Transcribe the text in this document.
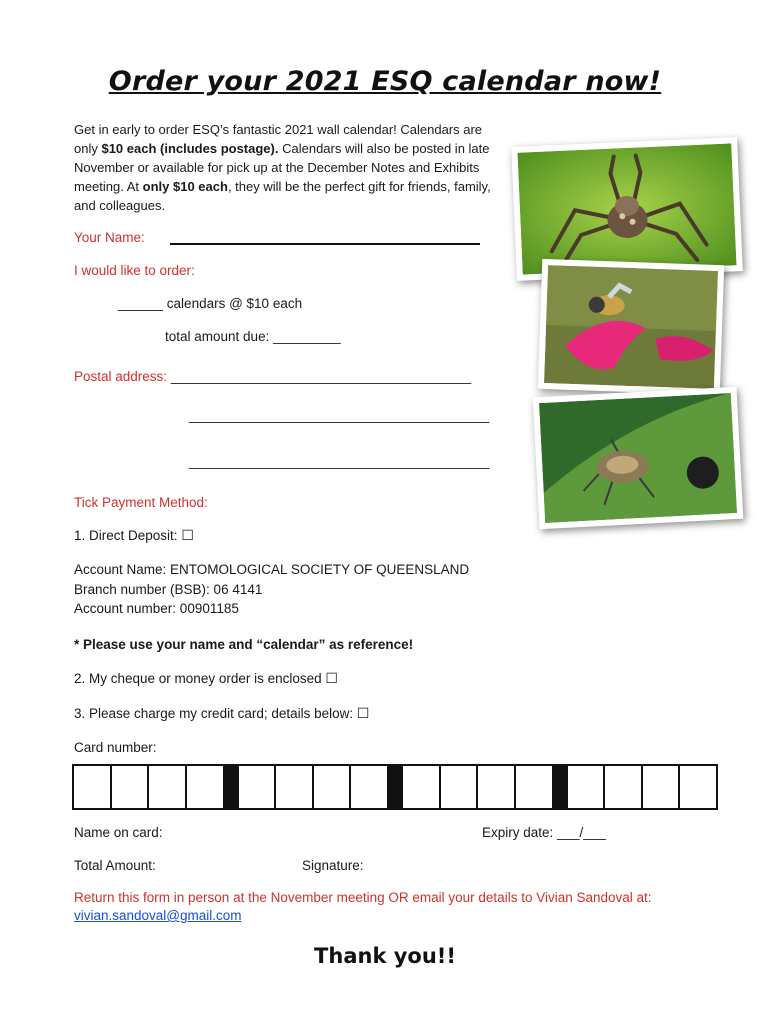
Order your 2021 ESQ calendar now!
Get in early to order ESQ’s fantastic 2021 wall calendar! Calendars are only $10 each (includes postage). Calendars will also be posted in late November or available for pick up at the December Notes and Exhibits meeting. At only $10 each, they will be the perfect gift for friends, family, and colleagues.
Your Name:
I would like to order:
______ calendars @ $10 each
total amount due: _________
Postal address: ________________________________________
________________________________________
________________________________________
Tick Payment Method:
1. Direct Deposit: ☐
Account Name: ENTOMOLOGICAL SOCIETY OF QUEENSLAND
Branch number (BSB): 06 4141
Account number: 00901185
* Please use your name and “calendar” as reference!
2. My cheque or money order is enclosed ☐
3. Please charge my credit card; details below: ☐
Card number:
Name on card:	Expiry date: ___/___
Total Amount:	Signature:
Return this form in person at the November meeting OR email your details to Vivian Sandoval at:
vivian.sandoval@gmail.com
Thank you!!
